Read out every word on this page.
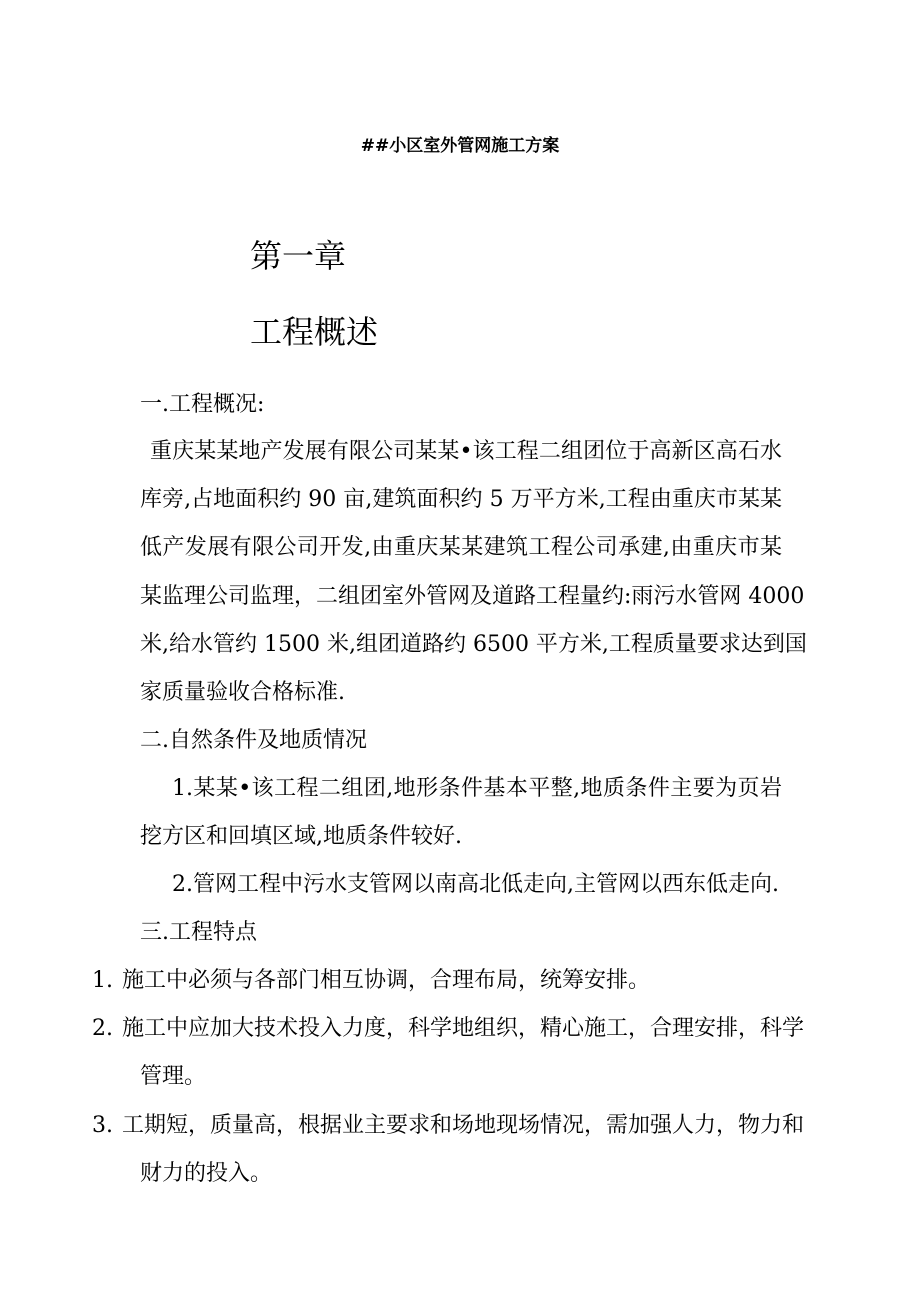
##小区室外管网施工方案
第一章
工程概述
一.工程概况:
重庆某某地产发展有限公司某某•该工程二组团位于高新区高石水
库旁,占地面积约 90 亩,建筑面积约 5 万平方米,工程由重庆市某某
低产发展有限公司开发,由重庆某某建筑工程公司承建,由重庆市某
某监理公司监理，二组团室外管网及道路工程量约:雨污水管网 4000
米,给水管约 1500 米,组团道路约 6500 平方米,工程质量要求达到国
家质量验收合格标准.
二.自然条件及地质情况
1.某某•该工程二组团,地形条件基本平整,地质条件主要为页岩
挖方区和回填区域,地质条件较好.
2.管网工程中污水支管网以南高北低走向,主管网以西东低走向.
三.工程特点
1. 施工中必须与各部门相互协调，合理布局，统筹安排。
2. 施工中应加大技术投入力度，科学地组织，精心施工，合理安排，科学
管理。
3. 工期短，质量高，根据业主要求和场地现场情况，需加强人力，物力和
财力的投入。
